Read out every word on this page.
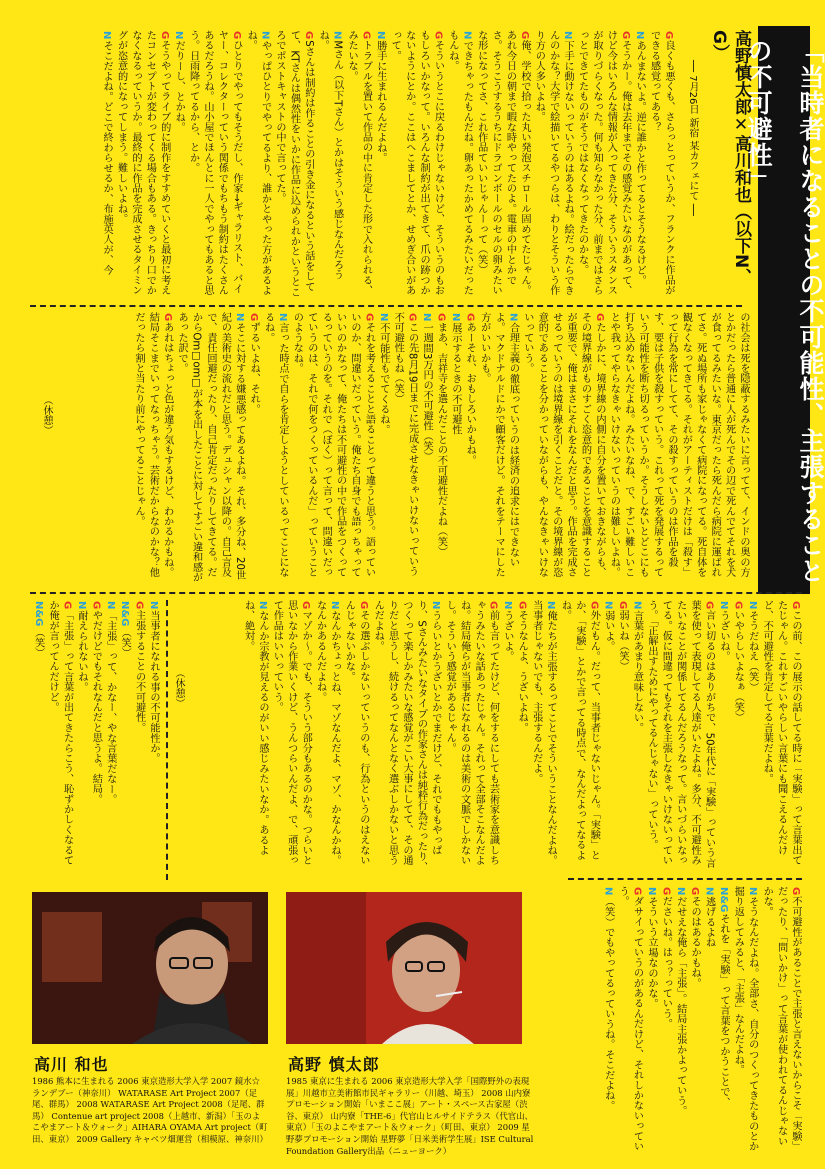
「当時者になることの不可能性、主張することの不可避性」
高野慎太郎✕高川和也（以下N、G）
── 7月26日 新宿 某カフェにて ──

G良くも悪くも、さらっとっていうか、フランクに作品ができる感覚ってある？

Nあんまないよ。逆に誰かと作ってるとそうなるけど。

Gそうかー。俺は去年までその感覚みたいなのがあって、けど今はいろんな情報が入ってきた分、そういうスタンスが取りづらくなった。何も知らなかった分、前まではさらっとできてたものがそうではなくなってきたのかな。

N下手に動けないっていうのはあるよね。絵だったらできんのかな？大学で絵描いてるやつらは、わりとそういう作り方の人多いよね。

G俺、学校で拾った丸い発泡スチロール固めてたじゃん。あれ今日の朝まで暇な時やってたのよ。電車の中とかでさ。そうこうするうちにドラゴンボールのセルの卵みたいな形になってさ、これ作品ていいじゃんーって（笑）

Nできちゃったもんだね。卵あったかめてるみたいだったもんね。

Gそういうとこに戻るわけじゃないけど、そういうのもおもしろいかなって。いろんな制約が出てきて、爪の跡つかないようにとか。ここはヘこましてとか、せめぎ合いがあって。

N勝手に生まれるんだよね。

Gトラブルを置いて作品の中に肯定した形で入れられる、みたいな。

NMさん（以下Tさん）とかはそういう感じなんだろうね。

GSさんは制約は作ることの引き金になるという話をしてて、KTさんは偶然性をいかに作品に込められかというところでポストキャストの中で言ってた。

Nやっぱひとりでやってるより、誰かとやった方があるよね。

Gひとりでやってもそうだし、作家→ギャラリスト、バイヤー、コレクターっていう関係でもちもう制約はたくさんあるだろうね。山小屋でほんとに一人でやってもあると思う。日雨降ってるから、とか。

Nだりーし、とかね。

Gそうやってライブ的に制作をすすめていくと最初に考えたコンセプトが変わってくる場合もある。きっちり口でかなくなるっていうか。最終的に作品を完成させるタイミングが恣意的になってしまう。難しいよね。

Nそこだよね。どこで終わらせるか、布施英人が、今

の社会は死を隠蔽するみたいに言ってて、インドの奥の方とかだったら普通に人が死んでその辺で死んでてそれを犬が食ってるみたいな。東京だったら死んだら病院に運ばれてさ。死ぬ場所も家じゃなくて病院になってる。死自体を観なくなってきてる。それがアーティストだけは「殺す」って行為を常にしてて、その殺すっていうのは作品を殺す、要は子供を殺すっていう。これって死を発展するっていう可能性を断ち切るっていうか。そうしないとどこにも打ち込めないんだよね。みたいなね、で、すごい難しいことや我ってやらなきゃいけないっていうのは難しいよね。

Gたしかに、境界線の内側に自分を置いておきながらも、その境界線がものすごく恣意的であることを意識することが重要で、俺はまさにそれをなんだと思う。作品を完成させるっていうのは境界線を引くことだと。その境界線が恣意的であることを分かっていながらも、やんなきゃいけないっていう。

N合理主義の徹底っていうのは経済の追求にはできないよ。マクドナルドにかで顧客だけど。それをテーマにした方がいいかも。

Gあーそれ、おもしろいかもね。

N展示するときの不可避性

Gまあ、吉祥寺を選んだことの不可避性だよね（笑）

N一週間3万円の不可避性（笑）

Gこの先8月19日までに完成させなきゃいけないっていう不可避性もね（笑）

N不可能性もでてくるね。

Gそれを考えることと語ることって違うと思う。語っていいのか、問違いだっていう。俺たち自身でも語っちゃっていいのかなって、俺たちは不可避性の中で作品をつくってるっていうのを。それで（ぼく）って言って、問違いだっていうのは、それで何をつくっているんだ」っていうことのようなね。

N言った時点で自らを肯定しようとしているってことになるね。

Gずるいよね、それ。

Nそこに対する嫌悪感ってあるよね。それ、多分ね、20世紀の美術史の流れだと思う。デュシャン以降の。自己言及で、責任回避だったり、自己肯定だったりしてきてる。だからOm□om□が本を出したことに対してすごい違和感があった訳で。

Gあれはちょっと色が違う気もするけど、わかるかもね。結局そこまでいってなっちゃう。芸術だからなのかな？他だったら割と当たり前にやってることじゃん。

Gこの前、この展示の話してる時に「実験」って言葉出てたじゃん。これすごいやらしい言葉にも聞こえるんだけど、不可避性を肯定してる言葉だよね。

Nそうだねえ（笑）

Gいやらしいよなぁ（笑）

Nうざいね。

G言い切るのはありがちで、50年代に「実験」っていう言葉を使って表現してる人達がいたよね。多分、不可避性みたいなことが関係してるんだろうなって。言いづらいなってる。仮に間違ってもそれを主張しなきゃいけないっていう。「正解出すためにやってるんじゃない」っていう。

N言葉があまり意味しない。

G弱いね（笑）

N弱いよ。

G外だもん。だって、当事者じゃないじゃん。「実験」とか、「実験」とかで言ってる時点で、なんだよってなるよね。

N俺たちが主張するってことでそういうことなんだよね。当事者じゃないでも、主張するんだよ。

Gそうなんよ、うざいよね。

Nうざいよ。

G前も言ってたけど、何をするにしても芸術家を意識しちゃうみたいな話あったじゃん。それって全部そこなんだよね。結局俺らが当事者になれるのは美術の文脈でしかないし。そういう感覚があるじゃん。

Nうらいとかうざいとかでまだけど、それでももやっぱり、Sさんみたいなタイプの作家さんは純粋行為だったり、つくって楽しかみたいな感覚がこい大事にしてて、その通りだと思うし、続けるってなんとなく選ぶしかないと思うんだよね。

Gその選ぶしかないっていうのも、行為というのはえないんじゃないかな。

Nなんかちょっとね、マゾなんだよ、マゾ、かなんかね。なんかあるんだよね。

Gマゾか〜。でも、そういう部分もあるのかな。つらいと思いなから作業いくけど、うんつらいんだよ、で、頑張って作品はいいっていう。

Nなんか宗教が見えるのがいい感じみたいなか。あるよね、絶対。

N当事者になれる事の不可能性か。

G主張することの不可避性。

N&G（笑）

N「主張」って、かなー、やな言葉だなー。

Gやだけどでもそれなんだと思うよ。結局。

N耐えられないね。

G「主張」って言葉が出てきたらこう、恥ずかしくなるてか俺が言ってんだけど。

N&G（笑）

G不可避性があることで主張と言えないからこそ「実験」だったり、「問いかけ」って言葉が使われてるんじゃないかな。

Nそうなんだよね。全部さ、自分のつくってきたものとか掘り返してみると、「主張」なんだよね。

N&Gそれを「実験」って言葉をつかうことで、

N逃げるよね

Gそのはあるかもね。

Nだせえな俺ら「主張」。結局主張かよっていう。

Gださいね。はっ？っていう。

Nそういう立場なのかな。

Gダサイっていうのがあるんだけど、それしかないっていう。

N（笑）でもやってるっていうね。そこだよね。

（休憩）
（休憩）
高川 和也
1986 熊本に生まれる 2006 東京造形大学入学 2007 鏡水☆ランデブー（神奈川） WATARASE Art Project 2007（足尾、群馬） 2008 WATARASE Art Project 2008（足尾、群馬） Contenue art project 2008（上越市、新潟）「玉のよこやまアート＆ウォーク」AIHARA OYAMA Art project（町田、東京） 2009 Gallery キャベツ畑運営（相模原、神奈川）
高野 慎太郎
1985 東京に生まれる 2006 東京造形大学入学「国際野外の表現展」川越市立美術館市民ギャラリー（川越、埼玉） 2008 山内寮プロモーション開始「いまここ展」アート・スペース古家屋（渋谷、東京） 山内寮「THE-6」代官山ヒルサイドテラス（代官山、東京）「玉のよこやまアート＆ウォーク」（町田、東京） 2009 星野夢プロモーション開始 星野夢「日米美術学生展」ISE Cultural Foundation Gallery出品（ニューヨーク）
